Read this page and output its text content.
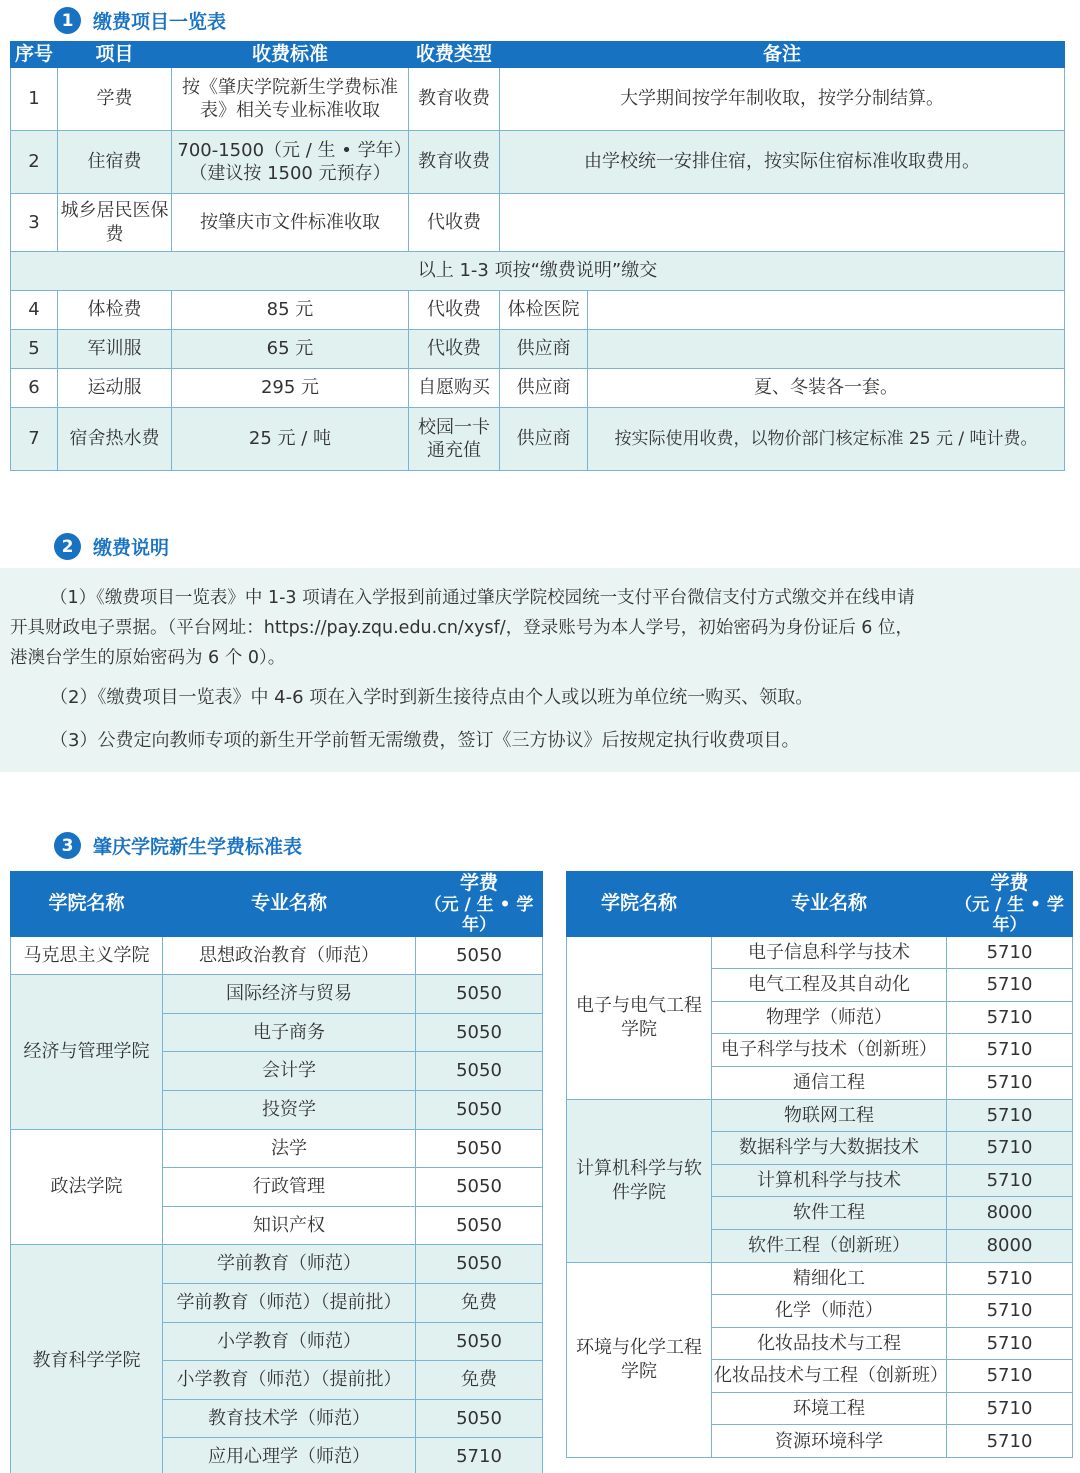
1	缴费项目一览表
序号	项目	收费标准	收费类型	备注	
1	学费	按《肇庆学院新生学费标准表》相关专业标准收取	教育收费	大学期间按学年制收取，按学分制结算。	
2	住宿费	700-1500（元 / 生 • 学年）（建议按 1500 元预存）	教育收费	由学校统一安排住宿，按实际住宿标准收取费用。	
3	城乡居民医保费	按肇庆市文件标准收取	代收费		
以上 1-3 项按“缴费说明”缴交					
4	体检费	85 元	代收费	体检医院	
5	军训服	65 元	代收费	供应商	
6	运动服	295 元	自愿购买	供应商	夏、冬装各一套。
7	宿舍热水费	25 元 / 吨	校园一卡通充值	供应商	按实际使用收费，以物价部门核定标准 25 元 / 吨计费。
2	缴费说明
（1）《缴费项目一览表》中 1-3 项请在入学报到前通过肇庆学院校园统一支付平台微信支付方式缴交并在线申请
开具财政电子票据。（平台网址：https://pay.zqu.edu.cn/xysf/，登录账号为本人学号，初始密码为身份证后 6 位，
港澳台学生的原始密码为 6 个 0）。
（2）《缴费项目一览表》中 4-6 项在入学时到新生接待点由个人或以班为单位统一购买、领取。
（3）公费定向教师专项的新生开学前暂无需缴费，签订《三方协议》后按规定执行收费项目。
3	肇庆学院新生学费标准表
学院名称	专业名称	学费
（元 / 生 • 学年）

马克思主义学院	思想政治教育（师范）	5050
经济与管理学院	国际经济与贸易	5050
	电子商务	5050
	会计学	5050
	投资学	5050
政法学院	法学	5050
	行政管理	5050
	知识产权	5050
教育科学学院	学前教育（师范）	5050
	学前教育（师范）（提前批）	免费
	小学教育（师范）	5050
	小学教育（师范）（提前批）	免费
	教育技术学（师范）	5050
	应用心理学（师范）	5710
学院名称	专业名称	学费
（元 / 生 • 学年）

电子与电气工程学院	电子信息科学与技术	5710
	电气工程及其自动化	5710
	物理学（师范）	5710
	电子科学与技术（创新班）	5710
	通信工程	5710
计算机科学与软件学院	物联网工程	5710
	数据科学与大数据技术	5710
	计算机科学与技术	5710
	软件工程	8000
	软件工程（创新班）	8000
环境与化学工程学院	精细化工	5710
	化学（师范）	5710
	化妆品技术与工程	5710
	化妆品技术与工程（创新班）	5710
	环境工程	5710
	资源环境科学	5710
